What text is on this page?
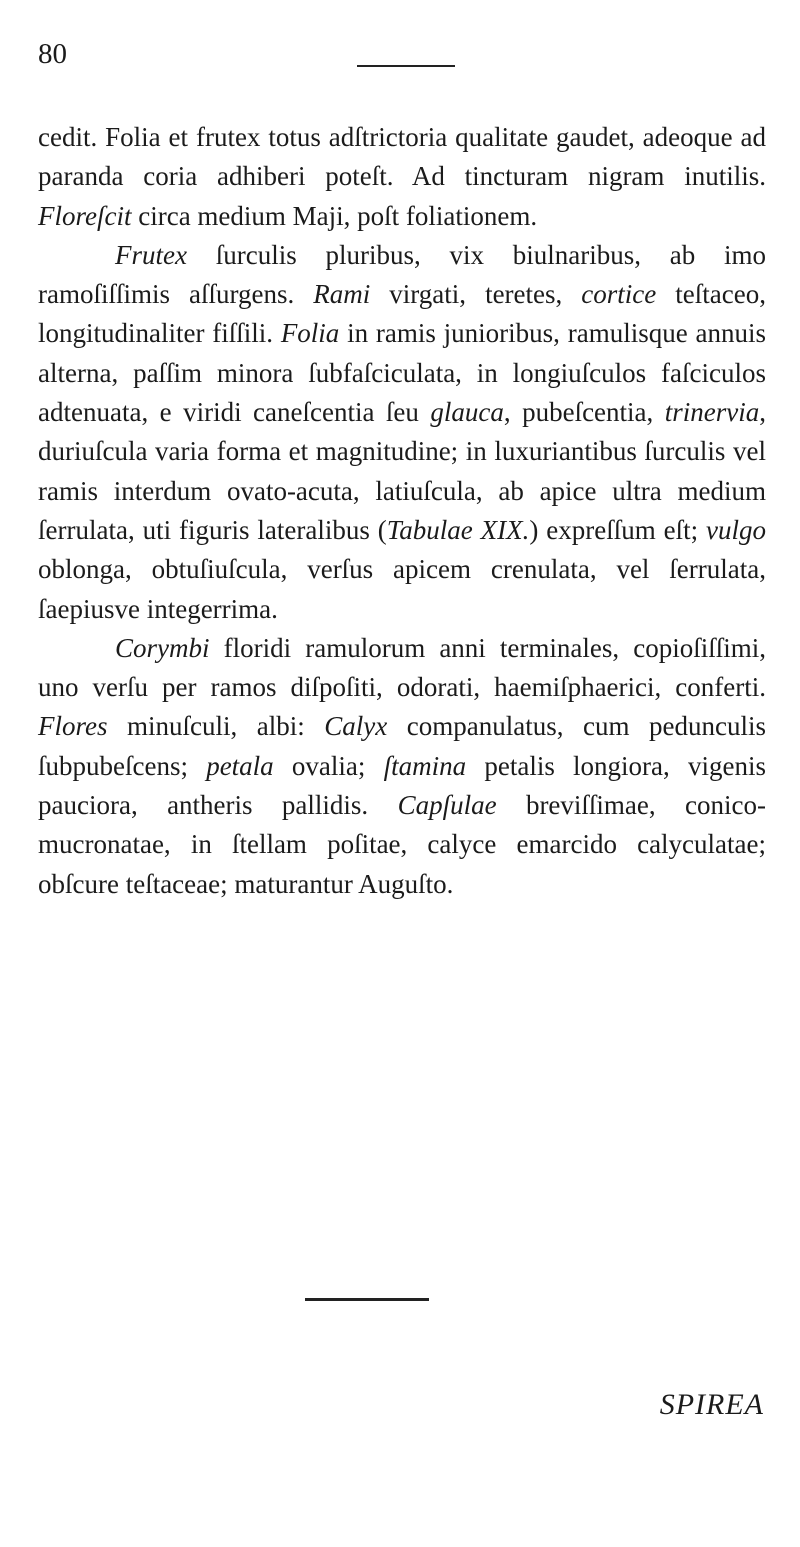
80

cedit. Folia et frutex totus adſtrictoria qualitate gaudet, adeoque ad paranda coria adhiberi poteſt. Ad tincturam nigram inutilis. Floreſcit circa medium Maji, poſt foliationem.

Frutex ſurculis pluribus, vix biulnaribus, ab imo ramoſiſſimis aſſurgens. Rami virgati, teretes, cortice teſtaceo, longitudinaliter fiſſili. Folia in ramis junioribus, ramulisque annuis alterna, paſſim minora ſubfaſciculata, in longiuſculos faſciculos adtenuata, e viridi caneſcentia ſeu glauca, pubeſcentia, trinervia, duriuſcula varia forma et magnitudine; in luxuriantibus ſurculis vel ramis interdum ovato-acuta, latiuſcula, ab apice ultra medium ſerrulata, uti figuris lateralibus (Tabulae XIX.) expreſſum eſt; vulgo oblonga, obtuſiuſcula, verſus apicem crenulata, vel ſerrulata, ſaepiusve integerrima.

Corymbi floridi ramulorum anni terminales, copioſiſſimi, uno verſu per ramos diſpoſiti, odorati, haemiſphaerici, conferti. Flores minuſculi, albi: Calyx companulatus, cum pedunculis ſubpubeſcens; petala ovalia; ſtamina petalis longiora, vigenis pauciora, antheris pallidis. Capſulae breviſſimae, conico-mucronatae, in ſtellam poſitae, calyce emarcido calyculatae; obſcure teſtaceae; maturantur Auguſto.

SPIREA
